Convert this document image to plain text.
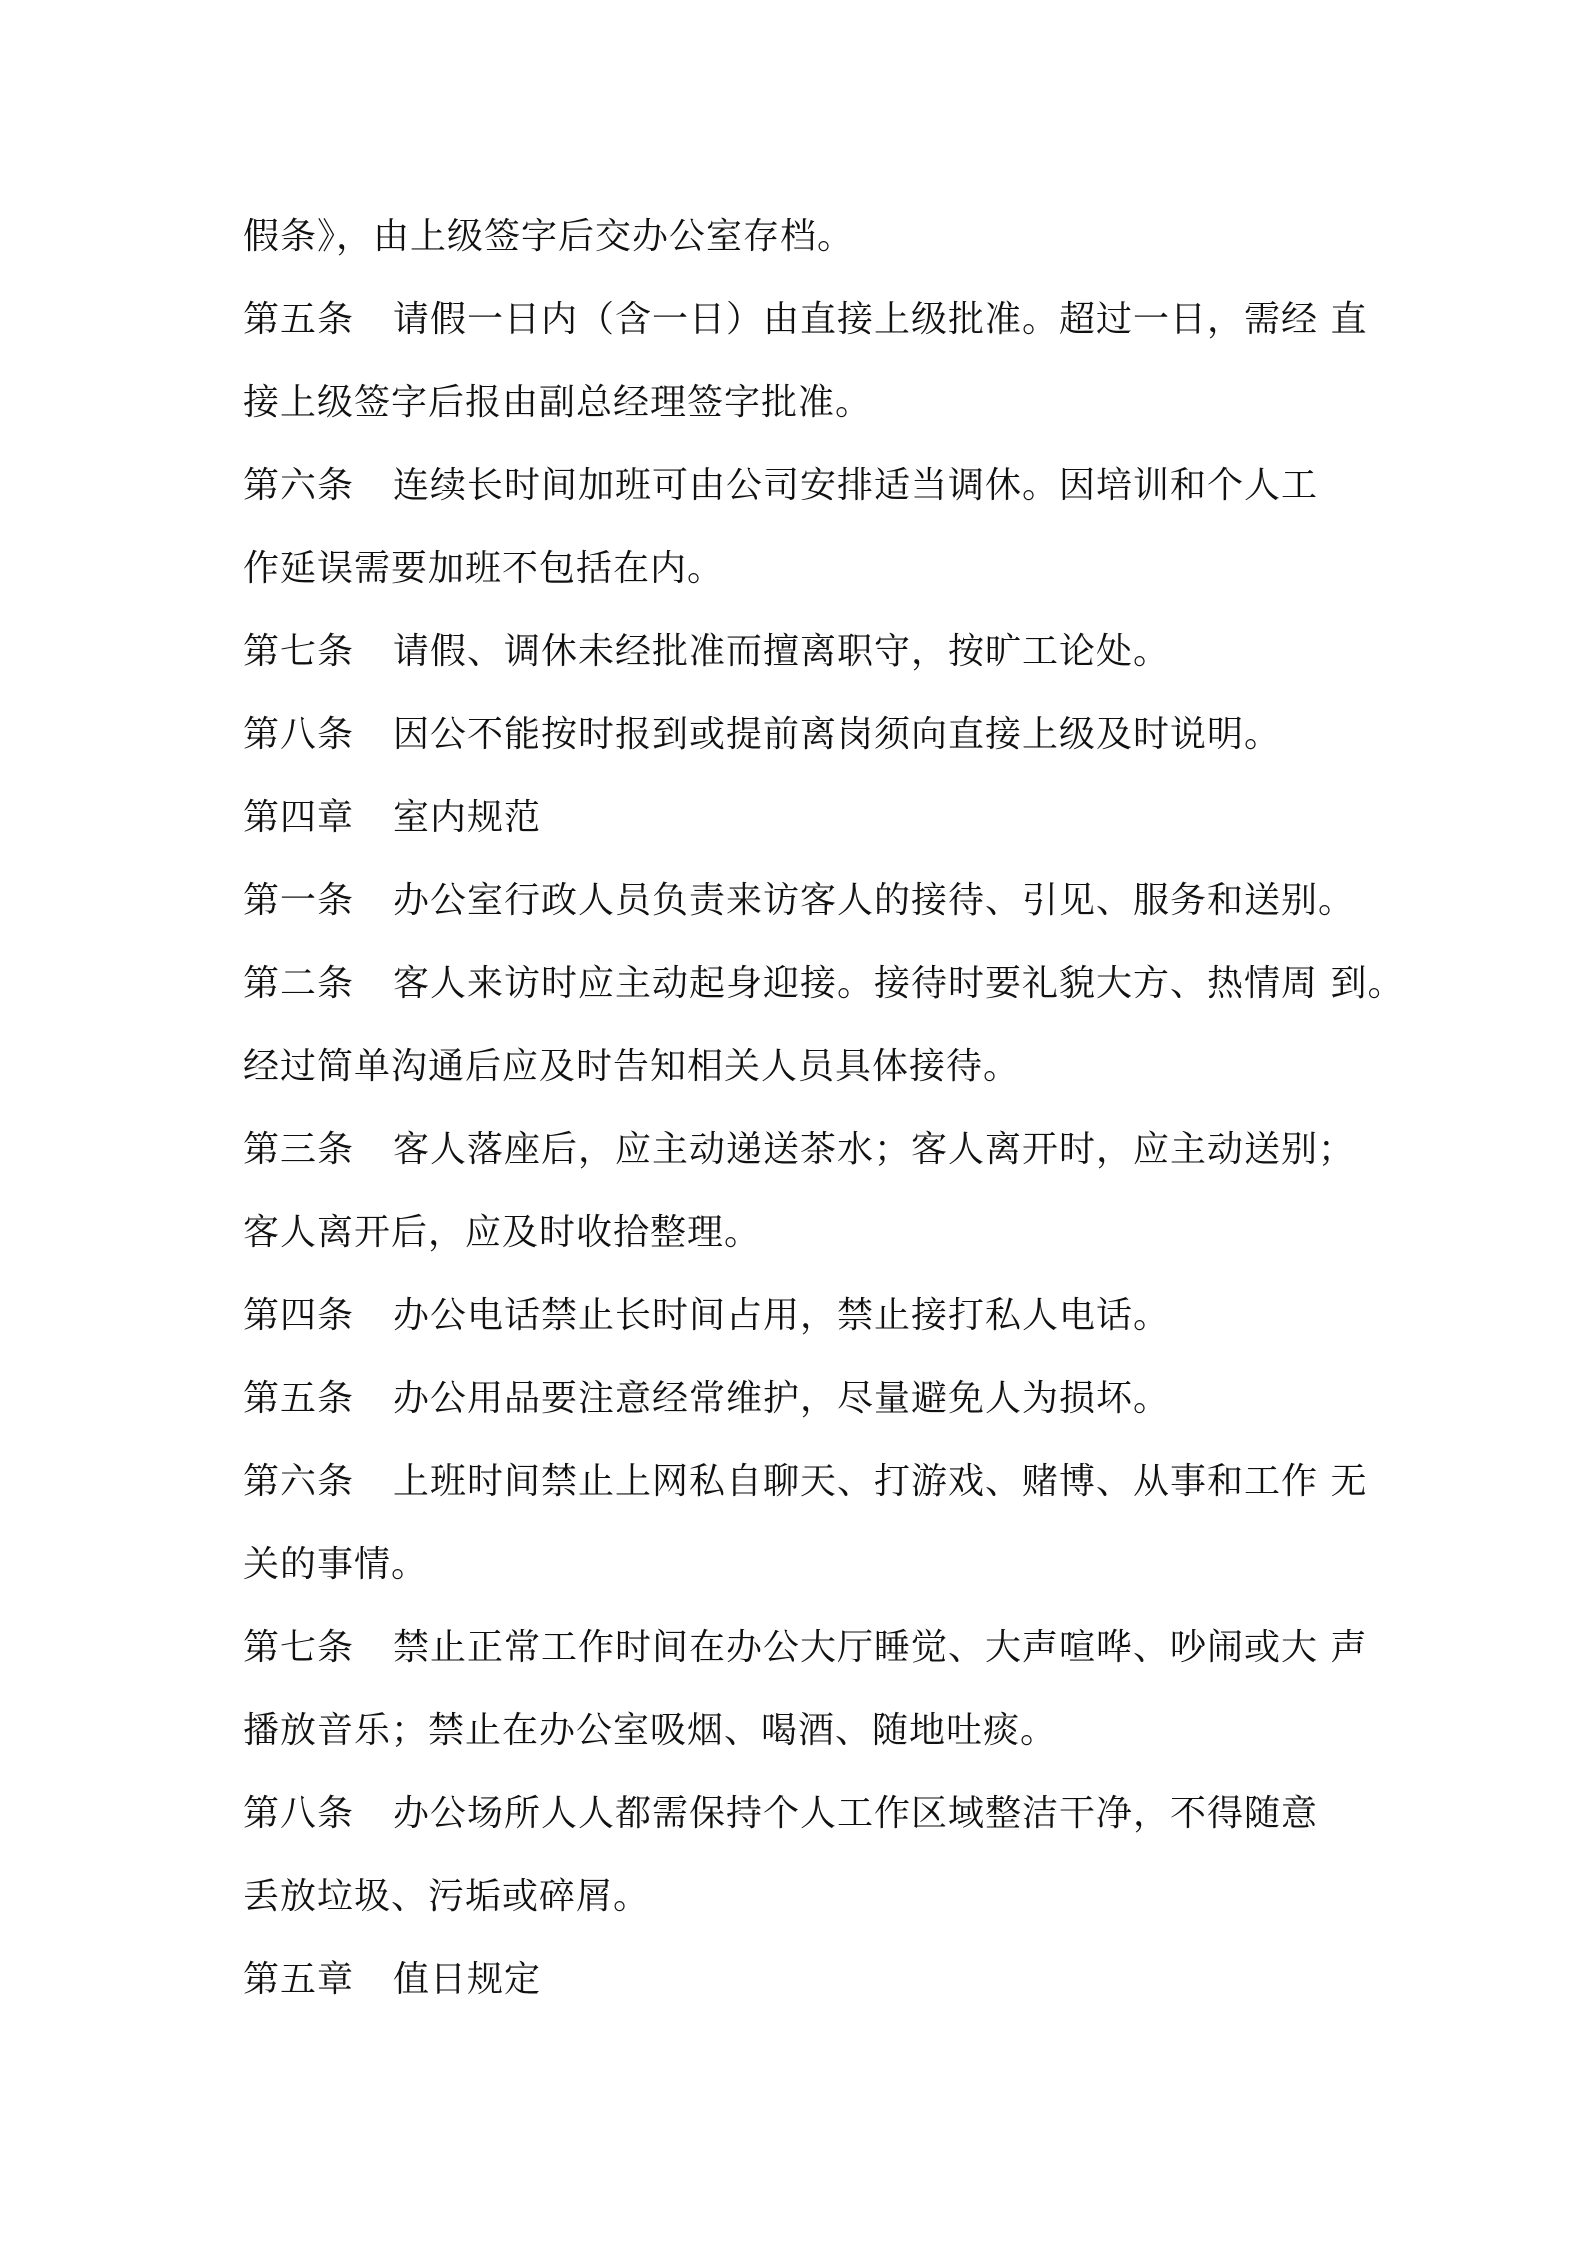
假条》，由上级签字后交办公室存档。
第五条 请假一日内（含一日）由直接上级批准。超过一日，需经 直
接上级签字后报由副总经理签字批准。
第六条 连续长时间加班可由公司安排适当调休。因培训和个人工
作延误需要加班不包括在内。
第七条 请假、调休未经批准而擅离职守，按旷工论处。
第八条 因公不能按时报到或提前离岗须向直接上级及时说明。
第四章 室内规范
第一条 办公室行政人员负责来访客人的接待、引见、服务和送别。
第二条 客人来访时应主动起身迎接。接待时要礼貌大方、热情周 到。
经过简单沟通后应及时告知相关人员具体接待。
第三条 客人落座后，应主动递送茶水；客人离开时，应主动送别；
客人离开后，应及时收拾整理。
第四条 办公电话禁止长时间占用，禁止接打私人电话。
第五条 办公用品要注意经常维护，尽量避免人为损坏。
第六条 上班时间禁止上网私自聊天、打游戏、赌博、从事和工作 无
关的事情。
第七条 禁止正常工作时间在办公大厅睡觉、大声喧哗、吵闹或大 声
播放音乐；禁止在办公室吸烟、喝酒、随地吐痰。
第八条 办公场所人人都需保持个人工作区域整洁干净，不得随意
丢放垃圾、污垢或碎屑。
第五章 值日规定
